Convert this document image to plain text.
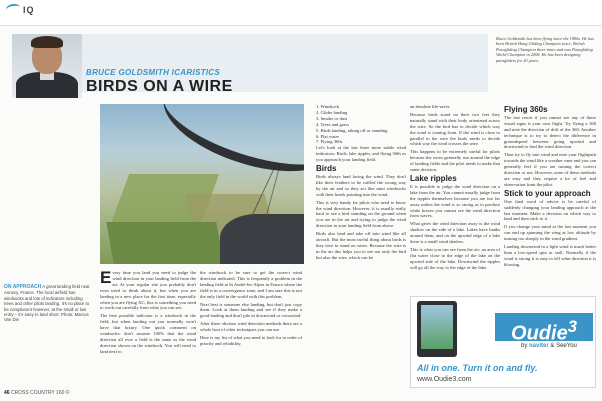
IQ
BRUCE GOLDSMITH ICARISTICS
BIRDS ON A WIRE
Bruce Goldsmith has been flying since the 1980s. He has been British Hang Gliding Champion twice, British Paragliding Champion three times and was Paragliding World Champion in 2008. He has been designing paragliders for 20 years.
ON APPROACH A great landing field near Annecy, France. The local airfield has windsocks and lots of indicators including trees and other pilots landing. It's no place to be complacent however, at the small or low entry – it's easy to land short. Photo: Marcus Van Die

Every time you land you need to judge the wind direction in your landing field from the air. At your regular site you probably don't even need to think about it, but when you are landing in a new place for the first time, especially when you are flying XC, this is something you need to work out carefully from what you can see.

The best possible indicator is a windsock in the field, but when landing out you normally won't have that luxury. One quick comment on windsocks: don't assume 100% that the wind direction all over a field is the same as the wind direction shown on the windsock. You will need to land next to

the windsock to be sure to get the correct wind direction indicated. This is frequently a problem in the landing field at St André-les-Alpes in France where the field is in a convergence zone, and I am sure this is not the only field in the world with this problem.

Next best is someone else landing, but don't just copy them. Look at them landing and see if they make a good landing and don't pile in downwind or crosswind.

After these obvious wind detection methods there are a whole host of other techniques you can use.

Here is my list of what you need to look for in order of priority and reliability.

1. Windsock
2. Glider landing
3. Smoke or dust
4. Trees and grass
5. Birds landing, taking off or standing
6. Flat water
7. Flying 360s

Let's look at the last three more subtle wind indicators: Birds, lake ripples, and flying 360s as you approach your landing field.

Birds

Birds always land facing the wind. They don't like their feathers to be ruffled the wrong way by the air and so they act like mini windsocks with their heads pointing into the wind.

This is very handy for pilots who need to know the wind direction. However, it is usually really hard to see a bird standing on the ground when you are in the air and trying to judge the wind direction in your landing field from above.

Birds also land and take off into wind like all aircraft. But the most useful thing about birds is they love to stand on wires. Because the wire is in the air this helps you to see not only the bird but also the wire, which can be

an absolute life-saver.

Because birds stand on their two feet they naturally stand with their body orientated across the wire. So the bird has to decide which way the wind is coming from. If the wind is close to parallel to the wire the birds needs to decide which way the wind crosses the wire.

This happens to be extremely useful for pilots because the wires generally run around the edge of landing fields and the pilot needs to make that same decision.

Lake ripples

It is possible to judge the wind direction on a lake from the air. You cannot usually judge from the ripples themselves because you are too far away unless the wind is so strong as to produce white horses you cannot see the wind direction from waves.

What gives the wind direction away is the wind shadow on the side of a lake. Lakes have banks around them, and on the upwind edge of a lake there is a small wind shadow.

This is what you can see from the air: an area of flat water close to the edge of the lake on the upwind side of the lake. Downwind the ripples will go all the way to the edge of the lake.

Flying 360s

The last resort if you cannot see any of these visual signs is your own flight. Try flying a 360 and note the direction of drift of the 360. Another technique is to try to detect the difference in groundspeed between going upwind and downwind to find the wind direction.

Then try to fly into wind and note your flightpath towards the wind like a weather vane and you can generally feel if you are turning the correct direction or not. However, none of these methods are easy and they require a lot of feel and observation from the pilot.

Stick to your approach

One final word of advice is be careful of suddenly changing your landing approach at the last moment. Make a decision on which way to land and then stick to it.

If you change your mind at the last moment you can end up spinning the wing at low altitude by turning too sharply in the wind gradient.

Landing downwind in a light wind is much better than a low-speed spin or stall. Normally if the wind is strong it is easy to tell what direction it is blowing.

Oudie$^3$
by naviter & SeeYou
All in one. Turn it on and fly.
www.Oudie3.com
46 CROSS COUNTRY 160 ©
